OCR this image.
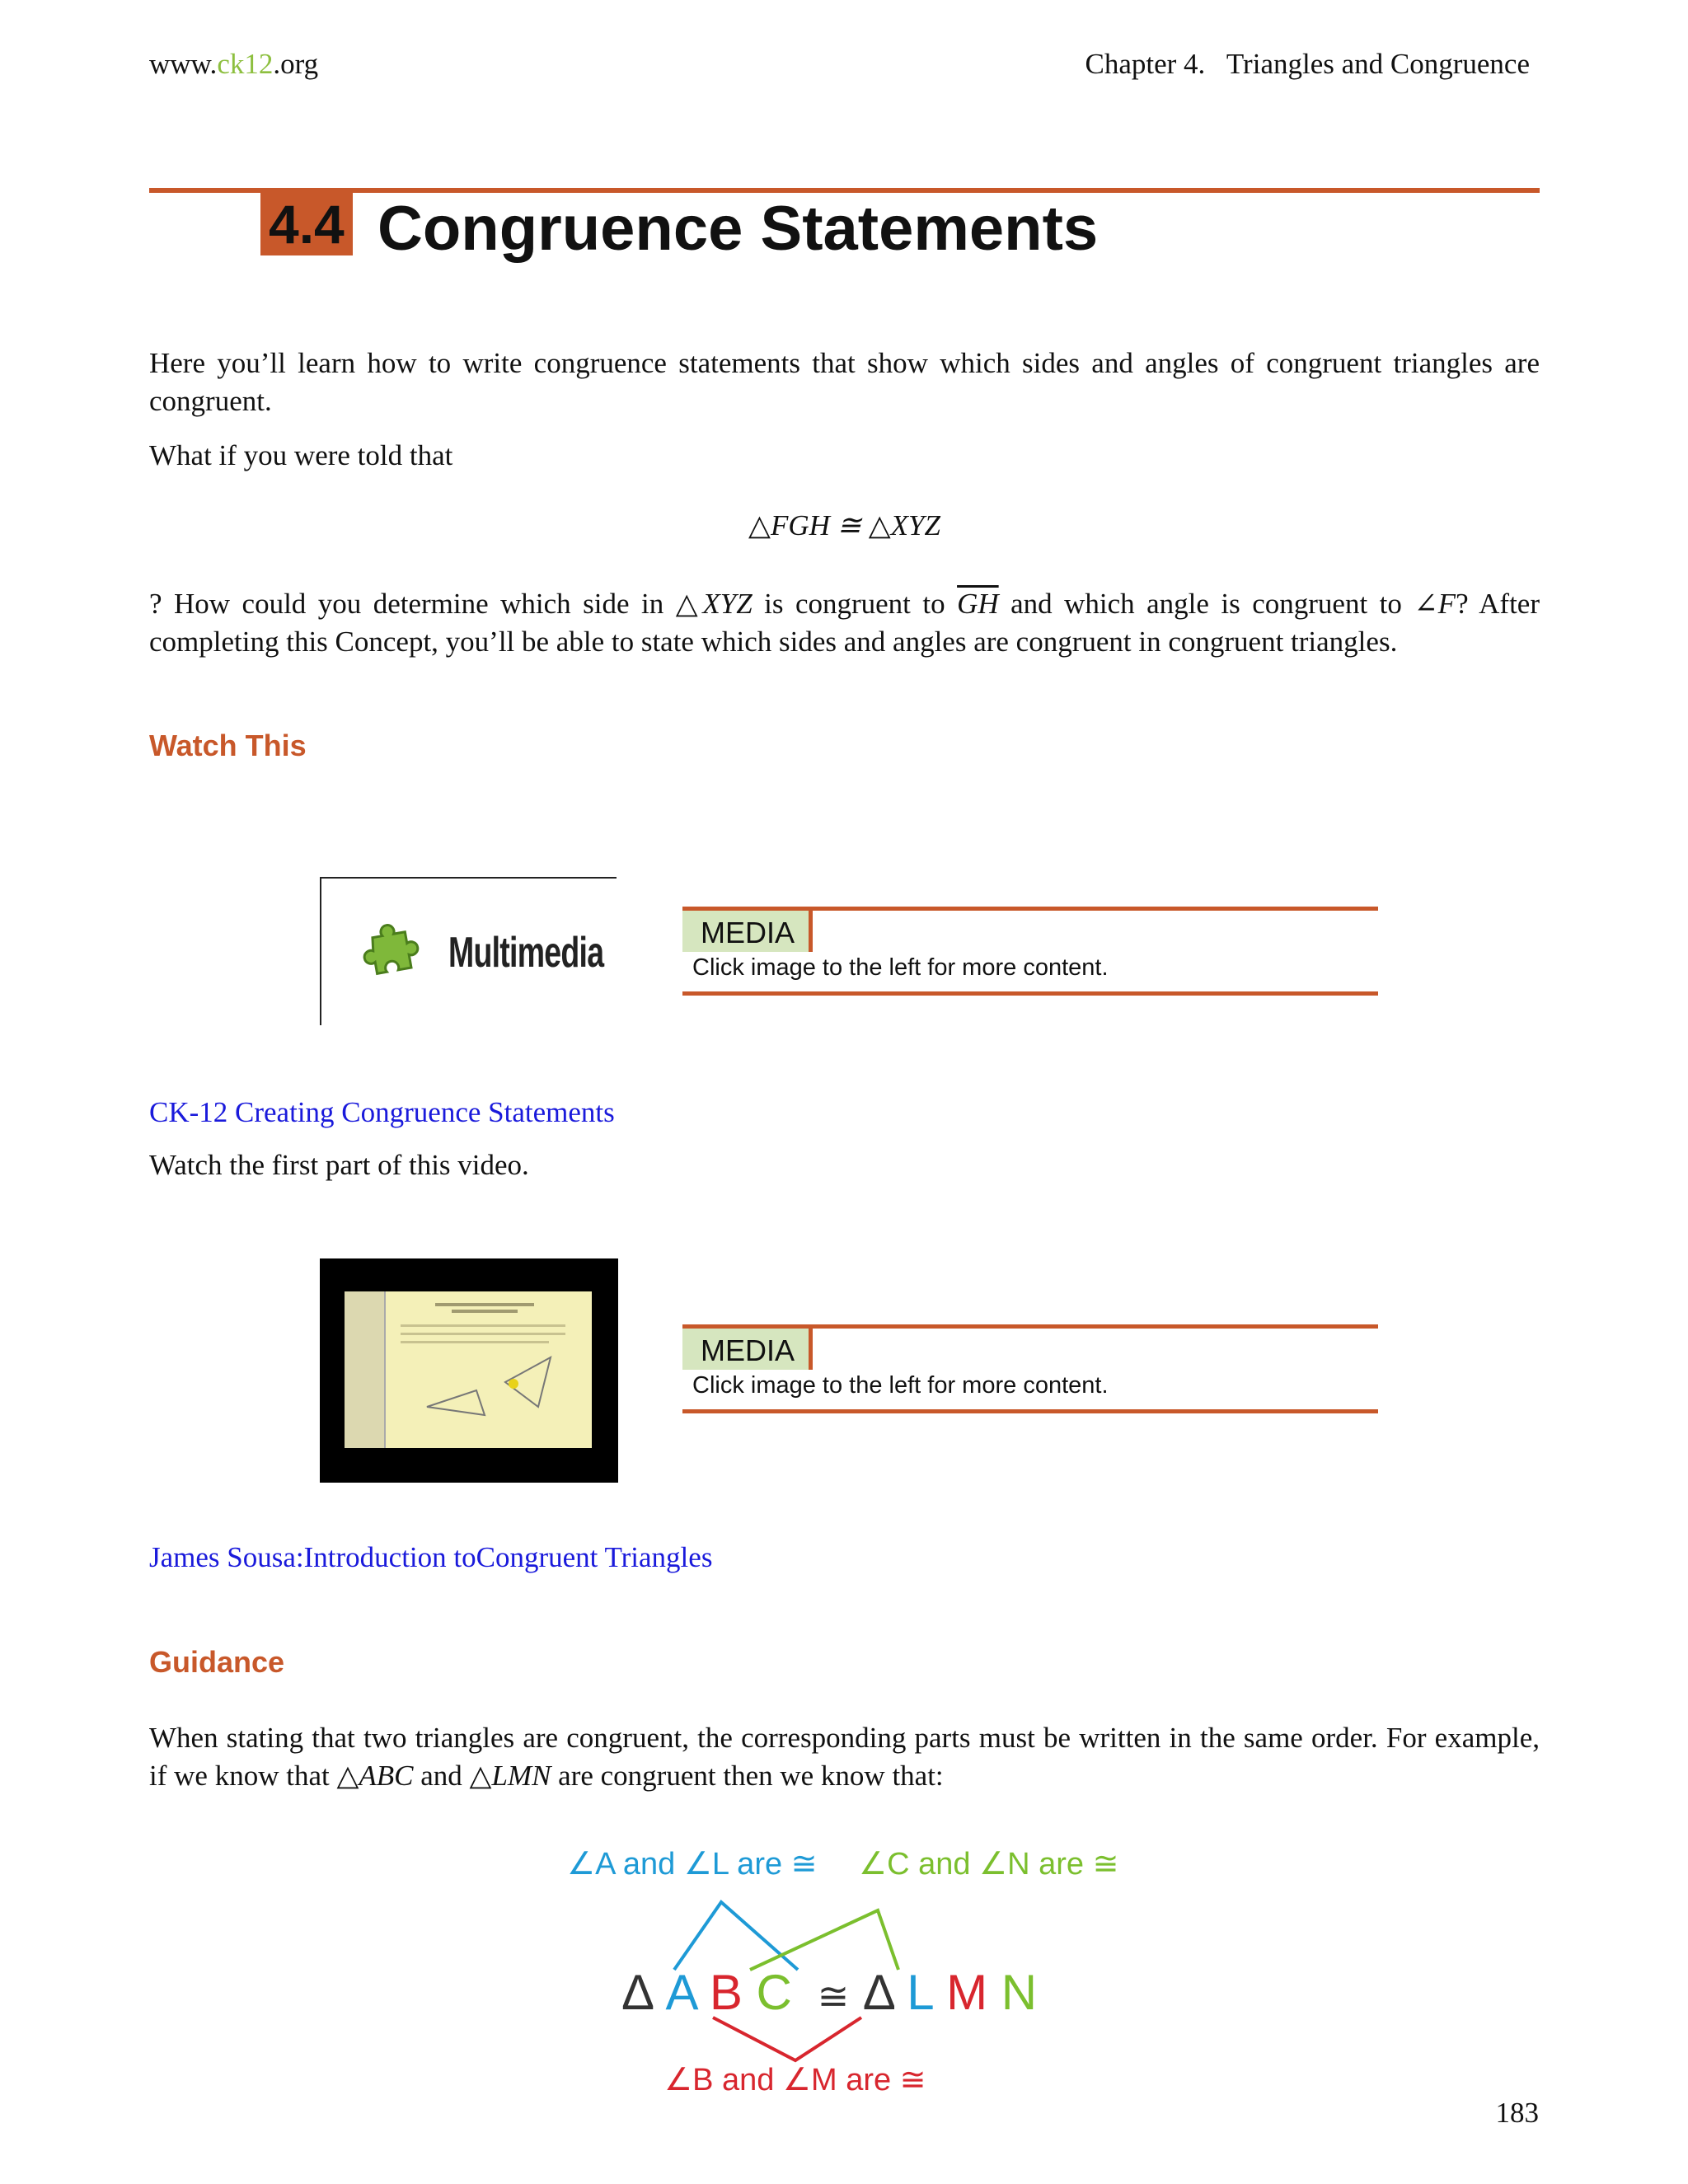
www.ck12.org	Chapter 4.   Triangles and Congruence
4.4 Congruence Statements
Here you’ll learn how to write congruence statements that show which sides and angles of congruent triangles are congruent.
What if you were told that
△FGH ≅ △XYZ
? How could you determine which side in △XYZ is congruent to $\overline{GH}$ and which angle is congruent to ∠F? After completing this Concept, you’ll be able to state which sides and angles are congruent in congruent triangles.
Watch This
Multimedia	MEDIA
Click image to the left for more content.
CK-12 Creating Congruence Statements
Watch the first part of this video.
MEDIA
Click image to the left for more content.
James Sousa:Introduction toCongruent Triangles
Guidance
When stating that two triangles are congruent, the corresponding parts must be written in the same order. For example, if we know that △ABC and △LMN are congruent then we know that:
∠A and ∠L are ≅ ∠C and ∠N are ≅
Δ A B C ≅ Δ L M N
∠B and ∠M are ≅
183
